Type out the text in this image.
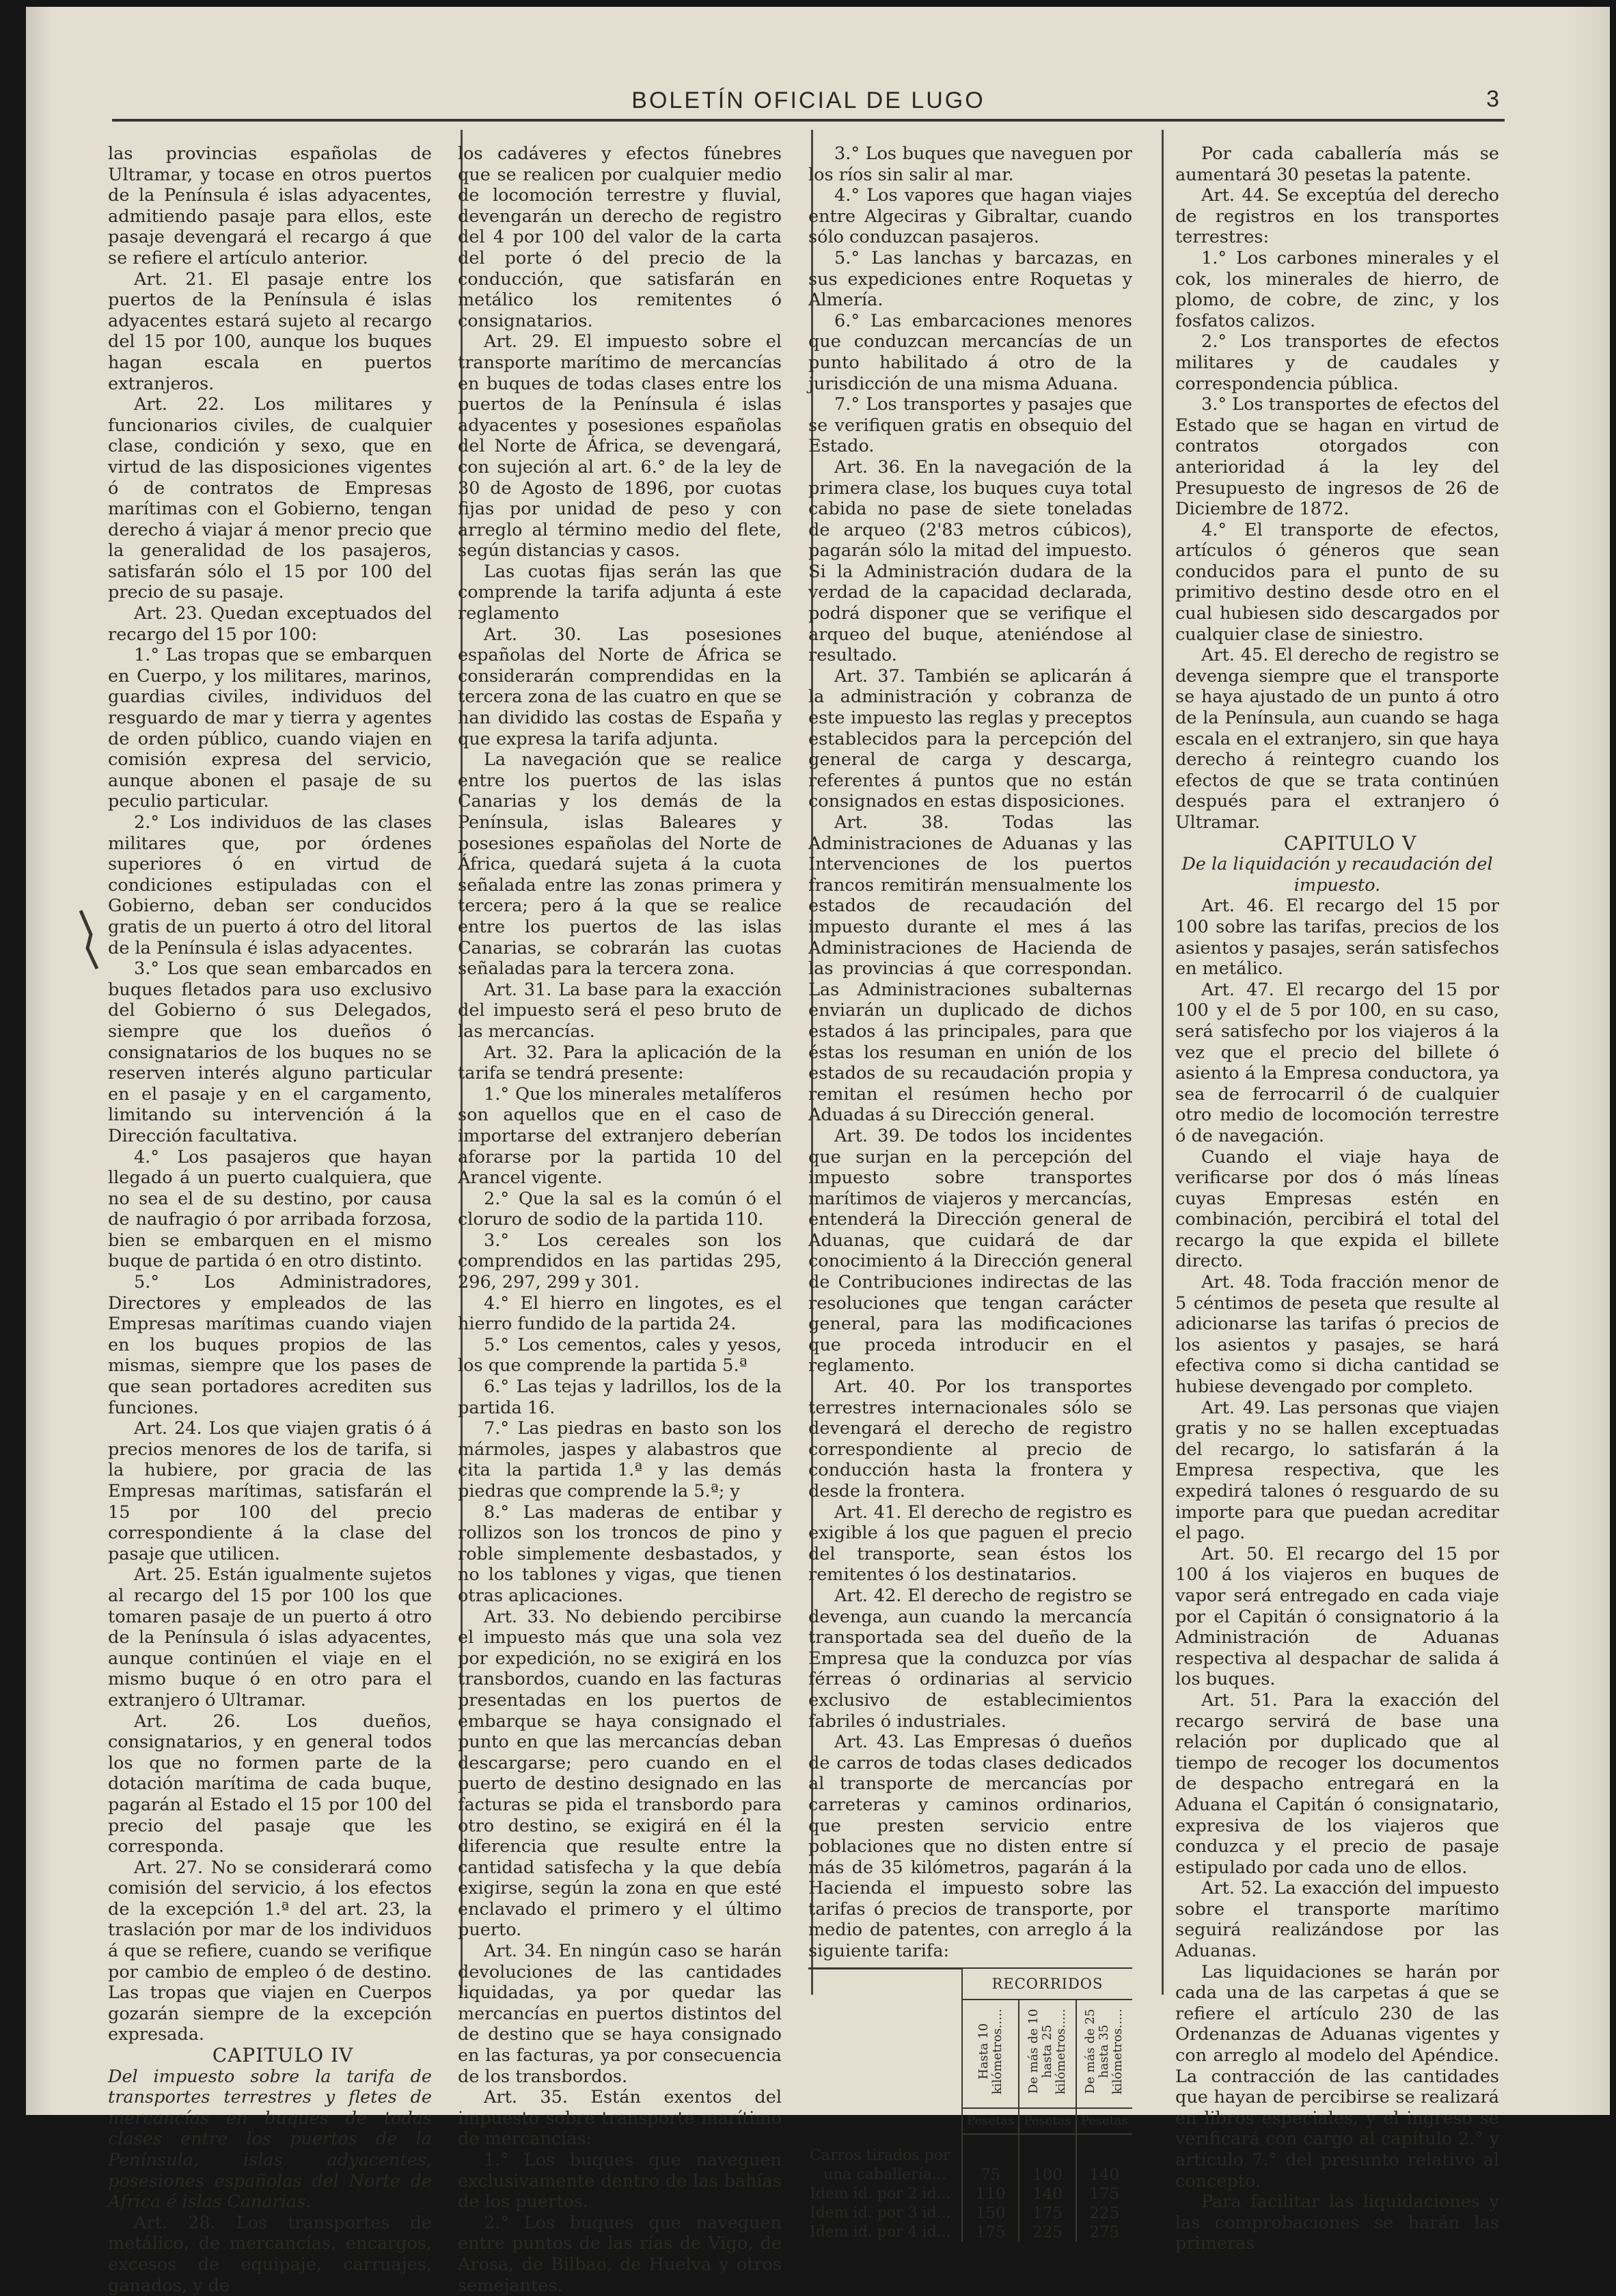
BOLETÍN OFICIAL DE LUGO	3

las provincias españolas de Ultramar, y tocase en otros puertos de la Península é islas adyacentes, admitiendo pasaje para ellos, este pasaje devengará el recargo á que se refiere el artículo anterior.

Art. 21. El pasaje entre los puertos de la Península é islas adyacentes estará sujeto al recargo del 15 por 100, aunque los buques hagan escala en puertos extranjeros.

Art. 22. Los militares y funcionarios civiles, de cualquier clase, condición y sexo, que en virtud de las disposiciones vigentes ó de contratos de Empresas marítimas con el Gobierno, tengan derecho á viajar á menor precio que la generalidad de los pasajeros, satisfarán sólo el 15 por 100 del precio de su pasaje.

Art. 23. Quedan exceptuados del recargo del 15 por 100:

1.° Las tropas que se embarquen en Cuerpo, y los militares, marinos, guardias civiles, individuos del resguardo de mar y tierra y agentes de orden público, cuando viajen en comisión expresa del servicio, aunque abonen el pasaje de su peculio particular.

2.° Los individuos de las clases militares que, por órdenes superiores ó en virtud de condiciones estipuladas con el Gobierno, deban ser conducidos gratis de un puerto á otro del litoral de la Península é islas adyacentes.

3.° Los que sean embarcados en buques fletados para uso exclusivo del Gobierno ó sus Delegados, siempre que los dueños ó consignatarios de los buques no se reserven interés alguno particular en el pasaje y en el cargamento, limitando su intervención á la Dirección facultativa.

4.° Los pasajeros que hayan llegado á un puerto cualquiera, que no sea el de su destino, por causa de naufragio ó por arribada forzosa, bien se embarquen en el mismo buque de partida ó en otro distinto.

5.° Los Administradores, Directores y empleados de las Empresas marítimas cuando viajen en los buques propios de las mismas, siempre que los pases de que sean portadores acrediten sus funciones.

Art. 24. Los que viajen gratis ó á precios menores de los de tarifa, si la hubiere, por gracia de las Empresas marítimas, satisfarán el 15 por 100 del precio correspondiente á la clase del pasaje que utilicen.

Art. 25. Están igualmente sujetos al recargo del 15 por 100 los que tomaren pasaje de un puerto á otro de la Península ó islas adyacentes, aunque continúen el viaje en el mismo buque ó en otro para el extranjero ó Ultramar.

Art. 26. Los dueños, consignatarios, y en general todos los que no formen parte de la dotación marítima de cada buque, pagarán al Estado el 15 por 100 del precio del pasaje que les corresponda.

Art. 27. No se considerará como comisión del servicio, á los efectos de la excepción 1.ª del art. 23, la traslación por mar de los individuos á que se refiere, cuando se verifique por cambio de empleo ó de destino. Las tropas que viajen en Cuerpos gozarán siempre de la excepción expresada.

CAPITULO IV

Del impuesto sobre la tarifa de transportes terrestres y fletes de mercancías en buques de todas clases entre los puertos de la Península, islas adyacentes, posesiones españolas del Norte de África é islas Canarias.

Art. 28. Los transportes de metálico, de mercancías, encargos, excesos de equipaje, carruajes, ganados, y de

los cadáveres y efectos fúnebres que se realicen por cualquier medio de locomoción terrestre y fluvial, devengarán un derecho de registro del 4 por 100 del valor de la carta del porte ó del precio de la conducción, que satisfarán en metálico los remitentes ó consignatarios.

Art. 29. El impuesto sobre el transporte marítimo de mercancías en buques de todas clases entre los puertos de la Península é islas adyacentes y posesiones españolas del Norte de África, se devengará, con sujeción al art. 6.° de la ley de 30 de Agosto de 1896, por cuotas fijas por unidad de peso y con arreglo al término medio del flete, según distancias y casos.

Las cuotas fijas serán las que comprende la tarifa adjunta á este reglamento

Art. 30. Las posesiones españolas del Norte de África se considerarán comprendidas en la tercera zona de las cuatro en que se han dividido las costas de España y que expresa la tarifa adjunta.

La navegación que se realice entre los puertos de las islas Canarias y los demás de la Península, islas Baleares y posesiones españolas del Norte de África, quedará sujeta á la cuota señalada entre las zonas primera y tercera; pero á la que se realice entre los puertos de las islas Canarias, se cobrarán las cuotas señaladas para la tercera zona.

Art. 31. La base para la exacción del impuesto será el peso bruto de las mercancías.

Art. 32. Para la aplicación de la tarifa se tendrá presente:

1.° Que los minerales metalíferos son aquellos que en el caso de importarse del extranjero deberían aforarse por la partida 10 del Arancel vigente.

2.° Que la sal es la común ó el cloruro de sodio de la partida 110.

3.° Los cereales son los comprendidos en las partidas 295, 296, 297, 299 y 301.

4.° El hierro en lingotes, es el hierro fundido de la partida 24.

5.° Los cementos, cales y yesos, los que comprende la partida 5.ª

6.° Las tejas y ladrillos, los de la partida 16.

7.° Las piedras en basto son los mármoles, jaspes y alabastros que cita la partida 1.ª y las demás piedras que comprende la 5.ª; y

8.° Las maderas de entibar y rollizos son los troncos de pino y roble simplemente desbastados, y no los tablones y vigas, que tienen otras aplicaciones.

Art. 33. No debiendo percibirse el impuesto más que una sola vez por expedición, no se exigirá en los transbordos, cuando en las facturas presentadas en los puertos de embarque se haya consignado el punto en que las mercancías deban descargarse; pero cuando en el puerto de destino designado en las facturas se pida el transbordo para otro destino, se exigirá en él la diferencia que resulte entre la cantidad satisfecha y la que debía exigirse, según la zona en que esté enclavado el primero y el último puerto.

Art. 34. En ningún caso se harán devoluciones de las cantidades liquidadas, ya por quedar las mercancías en puertos distintos del de destino que se haya consignado en las facturas, ya por consecuencia de los transbordos.

Art. 35. Están exentos del impuesto sobre transporte marítimo de mercancías:

1.° Los buques que naveguen exclusivamente dentro de las bahías de los puertos.

2.° Los buques que naveguen entre puntos de las rías de Vigo, de Arosa, de Bilbao, de Huelva y otros semejantes.

3.° Los buques que naveguen por los ríos sin salir al mar.

4.° Los vapores que hagan viajes entre Algeciras y Gibraltar, cuando sólo conduzcan pasajeros.

5.° Las lanchas y barcazas, en sus expediciones entre Roquetas y Almería.

6.° Las embarcaciones menores que conduzcan mercancías de un punto habilitado á otro de la jurisdicción de una misma Aduana.

7.° Los transportes y pasajes que se verifiquen gratis en obsequio del Estado.

Art. 36. En la navegación de la primera clase, los buques cuya total cabida no pase de siete toneladas de arqueo (2'83 metros cúbicos), pagarán sólo la mitad del impuesto. Si la Administración dudara de la verdad de la capacidad declarada, podrá disponer que se verifique el arqueo del buque, ateniéndose al resultado.

Art. 37. También se aplicarán á la administración y cobranza de este impuesto las reglas y preceptos establecidos para la percepción del general de carga y descarga, referentes á puntos que no están consignados en estas disposiciones.

Art. 38. Todas las Administraciones de Aduanas y las Intervenciones de los puertos francos remitirán mensualmente los estados de recaudación del impuesto durante el mes á las Administraciones de Hacienda de las provincias á que correspondan. Las Administraciones subalternas enviarán un duplicado de dichos estados á las principales, para que éstas los resuman en unión de los estados de su recaudación propia y remitan el resúmen hecho por Aduadas á su Dirección general.

Art. 39. De todos los incidentes que surjan en la percepción del impuesto sobre transportes marítimos de viajeros y mercancías, entenderá la Dirección general de Aduanas, que cuidará de dar conocimiento á la Dirección general de Contribuciones indirectas de las resoluciones que tengan carácter general, para las modificaciones que proceda introducir en el reglamento.

Art. 40. Por los transportes terrestres internacionales sólo se devengará el derecho de registro correspondiente al precio de conducción hasta la frontera y desde la frontera.

Art. 41. El derecho de registro es exigible á los que paguen el precio del transporte, sean éstos los remitentes ó los destinatarios.

Art. 42. El derecho de registro se devenga, aun cuando la mercancía transportada sea del dueño de la Empresa que la conduzca por vías férreas ó ordinarias al servicio exclusivo de establecimientos fabriles ó industriales.

Art. 43. Las Empresas ó dueños de carros de todas clases dedicados al transporte de mercancías por carreteras y caminos ordinarios, que presten servicio entre poblaciones que no disten entre sí más de 35 kilómetros, pagarán á la Hacienda el impuesto sobre las tarifas ó precios de transporte, por medio de patentes, con arreglo á la siguiente tarifa:

	RECORRIDOS		
	Hasta 10 kilómetros.....	De más de 10 hasta 25 kilómetros.....	De más de 25 hasta 35 kilómetros.....
	Pesetas	Pesetas	Pesetas
Carros tirados por			
una caballería...	75	100	140
Idem id. por 2 id...	110	140	175
Idem id. por 3 id...	150	175	225
Idem id. por 4 id...	175	225	275

Por cada caballería más se aumentará 30 pesetas la patente.

Art. 44. Se exceptúa del derecho de registros en los transportes terrestres:

1.° Los carbones minerales y el cok, los minerales de hierro, de plomo, de cobre, de zinc, y los fosfatos calizos.

2.° Los transportes de efectos militares y de caudales y correspondencia pública.

3.° Los transportes de efectos del Estado que se hagan en virtud de contratos otorgados con anterioridad á la ley del Presupuesto de ingresos de 26 de Diciembre de 1872.

4.° El transporte de efectos, artículos ó géneros que sean conducidos para el punto de su primitivo destino desde otro en el cual hubiesen sido descargados por cualquier clase de siniestro.

Art. 45. El derecho de registro se devenga siempre que el transporte se haya ajustado de un punto á otro de la Península, aun cuando se haga escala en el extranjero, sin que haya derecho á reintegro cuando los efectos de que se trata continúen después para el extranjero ó Ultramar.

CAPITULO V

De la liquidación y recaudación del impuesto.

Art. 46. El recargo del 15 por 100 sobre las tarifas, precios de los asientos y pasajes, serán satisfechos en metálico.

Art. 47. El recargo del 15 por 100 y el de 5 por 100, en su caso, será satisfecho por los viajeros á la vez que el precio del billete ó asiento á la Empresa conductora, ya sea de ferrocarril ó de cualquier otro medio de locomoción terrestre ó de navegación.

Cuando el viaje haya de verificarse por dos ó más líneas cuyas Empresas estén en combinación, percibirá el total del recargo la que expida el billete directo.

Art. 48. Toda fracción menor de 5 céntimos de peseta que resulte al adicionarse las tarifas ó precios de los asientos y pasajes, se hará efectiva como si dicha cantidad se hubiese devengado por completo.

Art. 49. Las personas que viajen gratis y no se hallen exceptuadas del recargo, lo satisfarán á la Empresa respectiva, que les expedirá talones ó resguardo de su importe para que puedan acreditar el pago.

Art. 50. El recargo del 15 por 100 á los viajeros en buques de vapor será entregado en cada viaje por el Capitán ó consignatorio á la Administración de Aduanas respectiva al despachar de salida á los buques.

Art. 51. Para la exacción del recargo servirá de base una relación por duplicado que al tiempo de recoger los documentos de despacho entregará en la Aduana el Capitán ó consignatario, expresiva de los viajeros que conduzca y el precio de pasaje estipulado por cada uno de ellos.

Art. 52. La exacción del impuesto sobre el transporte marítimo seguirá realizándose por las Aduanas.

Las liquidaciones se harán por cada una de las carpetas á que se refiere el artículo 230 de las Ordenanzas de Aduanas vigentes y con arreglo al modelo del Apéndice. La contracción de las cantidades que hayan de percibirse se realizará en libros especiales, y el ingreso se verificará con cargo al capítulo 2.° y artículo 7.° del presunto relativo al concepto.

Para facilitar las liquidaciones y las comprobaciones se harán las primeras
